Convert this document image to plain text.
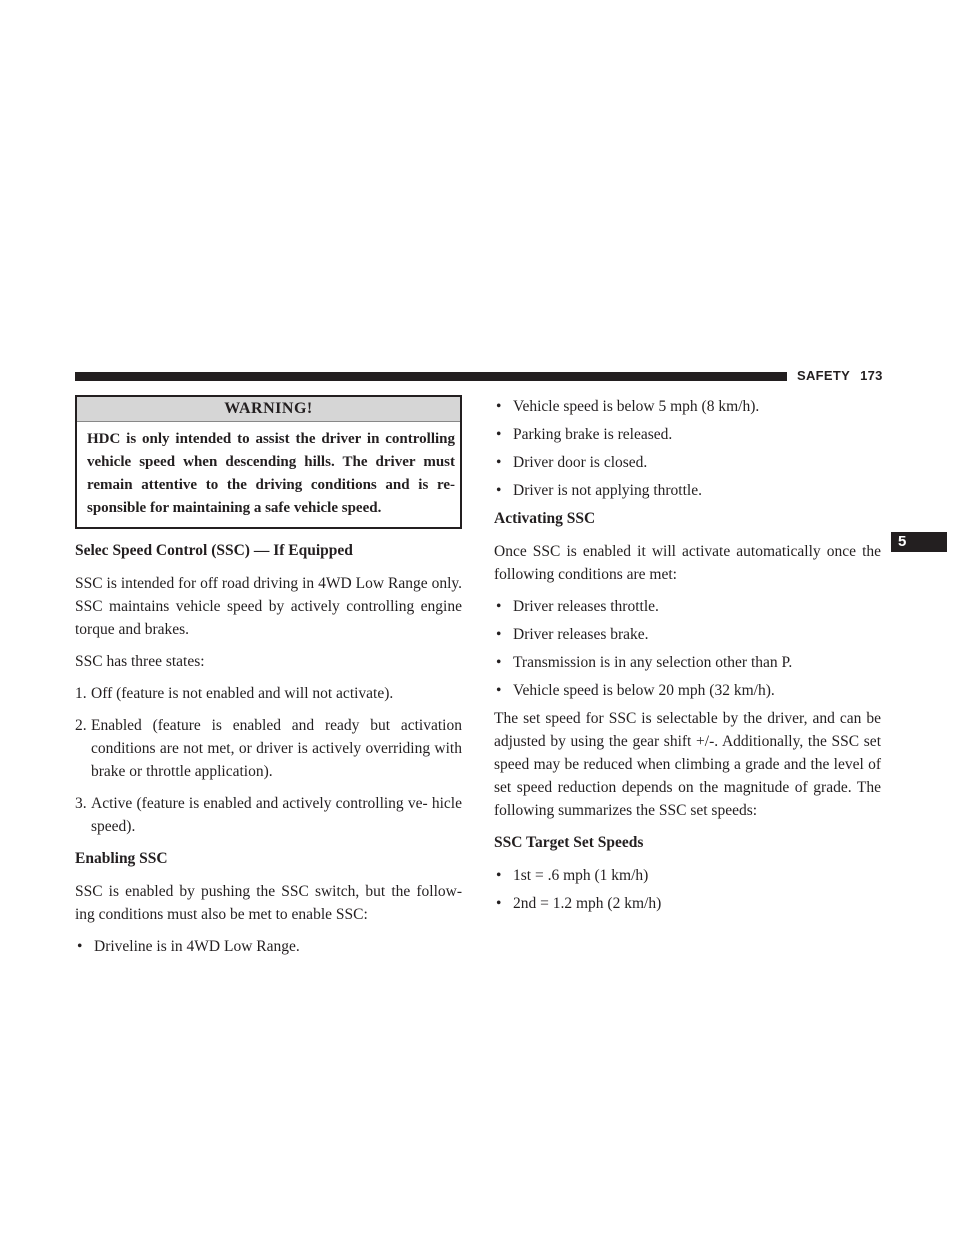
SAFETY 173
5
WARNING!
HDC is only intended to assist the driver in controlling vehicle speed when descending hills. The driver must remain attentive to the driving conditions and is re- sponsible for maintaining a safe vehicle speed.
Selec Speed Control (SSC) — If Equipped
SSC is intended for off road driving in 4WD Low Range only. SSC maintains vehicle speed by actively controlling engine torque and brakes.
SSC has three states:
1. Off (feature is not enabled and will not activate).
2. Enabled (feature is enabled and ready but activation conditions are not met, or driver is actively overriding with brake or throttle application).
3. Active (feature is enabled and actively controlling ve- hicle speed).
Enabling SSC
SSC is enabled by pushing the SSC switch, but the follow- ing conditions must also be met to enable SSC:
• Driveline is in 4WD Low Range.
• Vehicle speed is below 5 mph (8 km/h).
• Parking brake is released.
• Driver door is closed.
• Driver is not applying throttle.
Activating SSC
Once SSC is enabled it will activate automatically once the following conditions are met:
• Driver releases throttle.
• Driver releases brake.
• Transmission is in any selection other than P.
• Vehicle speed is below 20 mph (32 km/h).
The set speed for SSC is selectable by the driver, and can be adjusted by using the gear shift +/-. Additionally, the SSC set speed may be reduced when climbing a grade and the level of set speed reduction depends on the magnitude of grade. The following summarizes the SSC set speeds:
SSC Target Set Speeds
• 1st = .6 mph (1 km/h)
• 2nd = 1.2 mph (2 km/h)
